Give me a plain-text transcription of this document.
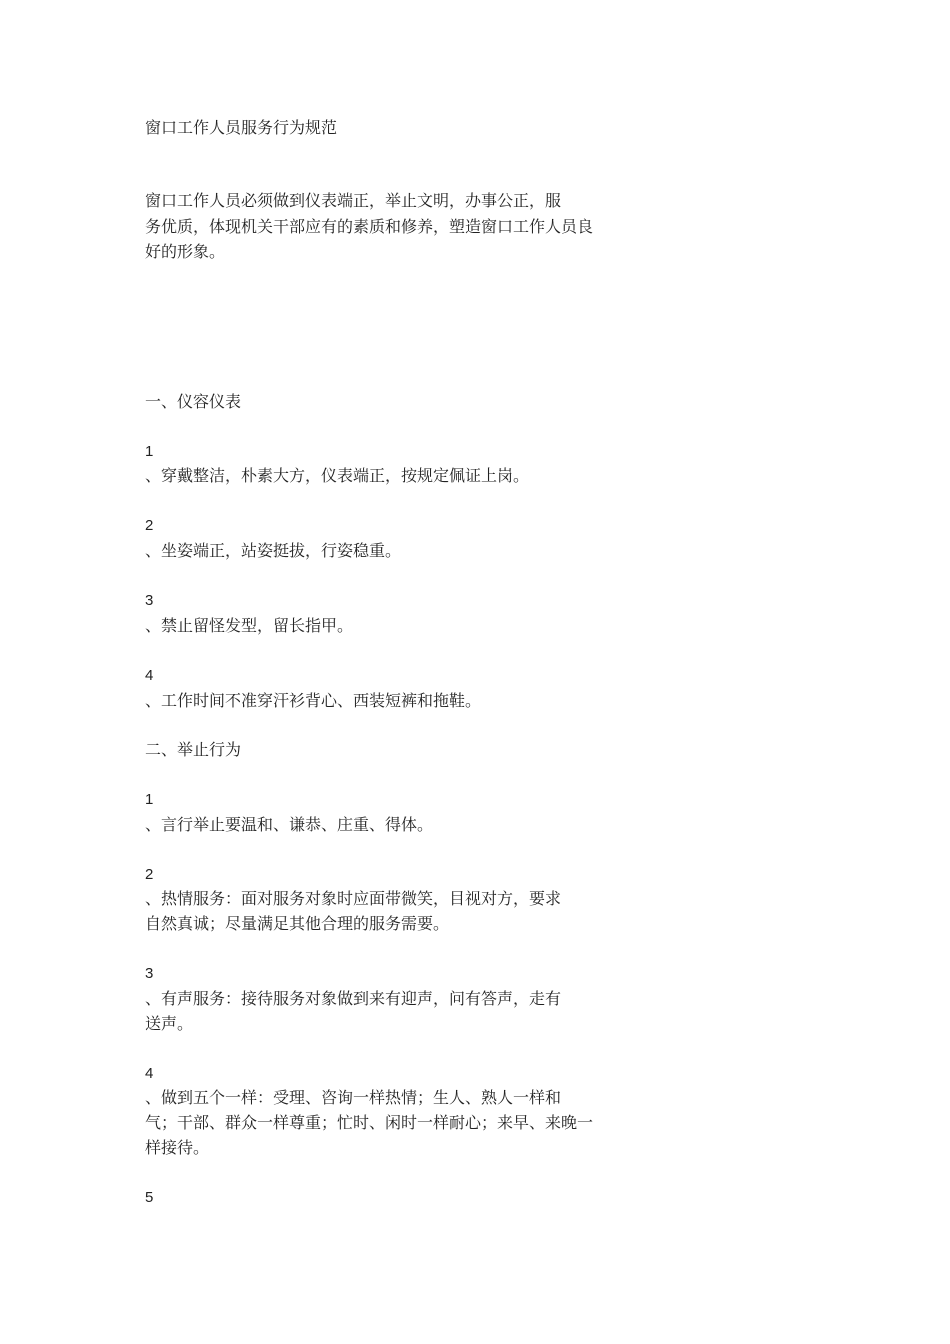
窗口工作人员服务行为规范

窗口工作人员必须做到仪表端正，举止文明，办事公正，服

务优质，体现机关干部应有的素质和修养，塑造窗口工作人员良

好的形象。

一、仪容仪表

1

、穿戴整洁，朴素大方，仪表端正，按规定佩证上岗。

2

、坐姿端正，站姿挺拔，行姿稳重。

3

、禁止留怪发型，留长指甲。

4

、工作时间不准穿汗衫背心、西装短裤和拖鞋。

二、举止行为

1

、言行举止要温和、谦恭、庄重、得体。

2

、热情服务：面对服务对象时应面带微笑，目视对方，要求

自然真诚；尽量满足其他合理的服务需要。

3

、有声服务：接待服务对象做到来有迎声，问有答声，走有

送声。

4

、做到五个一样：受理、咨询一样热情；生人、熟人一样和

气；干部、群众一样尊重；忙时、闲时一样耐心；来早、来晚一

样接待。

5
